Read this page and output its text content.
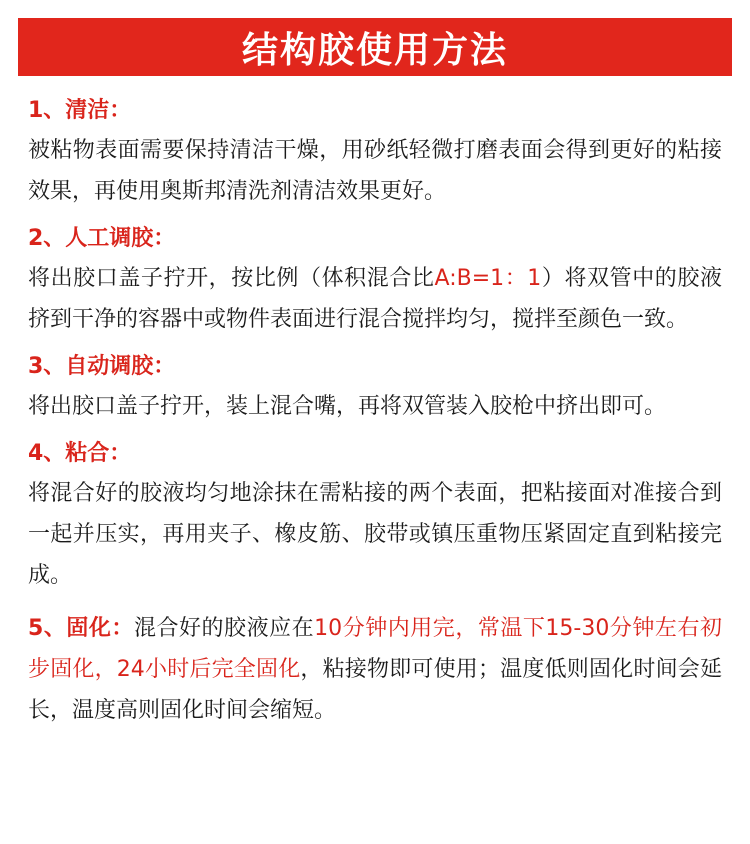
结构胶使用方法
1、清洁：
被粘物表面需要保持清洁干燥，用砂纸轻微打磨表面会得到更好的粘接效果，再使用奥斯邦清洗剂清洁效果更好。
2、人工调胶：
将出胶口盖子拧开，按比例（体积混合比A:B=1：1）将双管中的胶液挤到干净的容器中或物件表面进行混合搅拌均匀，搅拌至颜色一致。
3、自动调胶：
将出胶口盖子拧开，装上混合嘴，再将双管装入胶枪中挤出即可。
4、粘合：
将混合好的胶液均匀地涂抹在需粘接的两个表面，把粘接面对准接合到一起并压实，再用夹子、橡皮筋、胶带或镇压重物压紧固定直到粘接完成。
5、固化：混合好的胶液应在10分钟内用完，常温下15-30分钟左右初步固化，24小时后完全固化，粘接物即可使用；温度低则固化时间会延长，温度高则固化时间会缩短。
